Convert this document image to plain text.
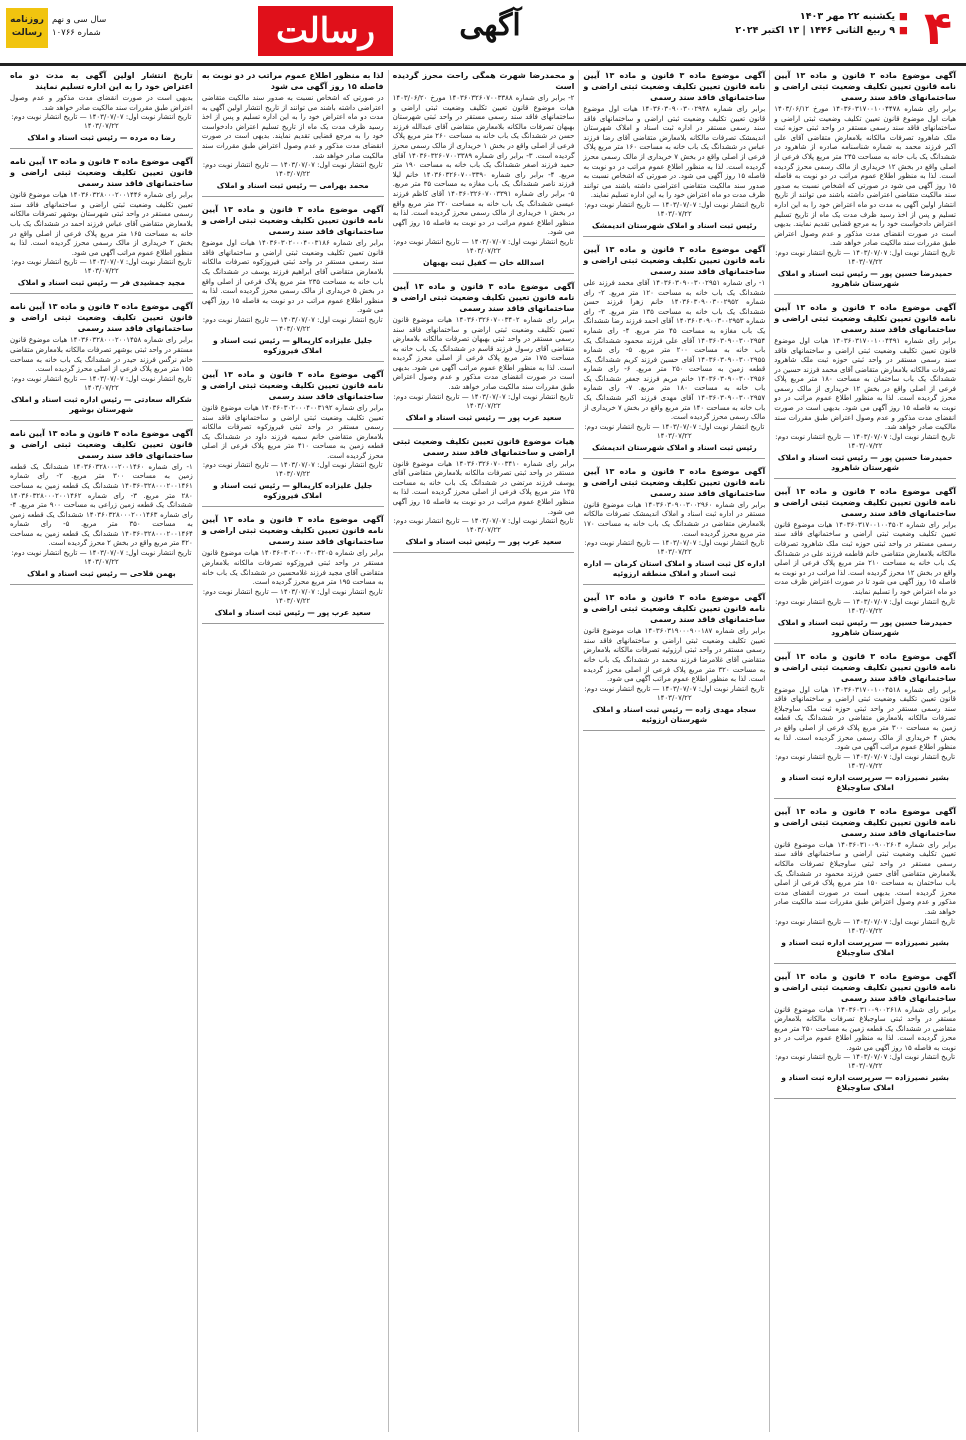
۴
■یکشنبه ۲۲ مهر ۱۴۰۳
■۹ ربیع الثانی ۱۴۴۶ | ۱۳ اکتبر ۲۰۲۴
آگهی
رسالت
سال سی و نهم
شماره ۱۰۷۶۶
روزنامه رسالت

آگهی موضوع ماده ۳ قانون و ماده ۱۳ آیین نامه قانون تعیین تکلیف وضعیت ثبتی اراضی و ساختمانهای فاقد سند رسمی

برابر رای شماره ۱۴۰۳۶۰۳۱۷۰۰۱۰۰۴۴۷۸ مورخ ۱۴۰۳/۰۶/۱۲ هیات اول موضوع قانون تعیین تکلیف وضعیت ثبتی اراضی و ساختمانهای فاقد سند رسمی مستقر در واحد ثبتی حوزه ثبت ملک شاهرود تصرفات مالکانه بلامعارض متقاضی آقای علی اکبر فرزند محمد به شماره شناسنامه صادره از شاهرود در ششدانگ یک باب خانه به مساحت ۲۴۵ متر مربع پلاک فرعی از اصلی واقع در بخش ۱۲ خریداری از مالک رسمی محرز گردیده است. لذا به منظور اطلاع عموم مراتب در دو نوبت به فاصله ۱۵ روز آگهی می شود در صورتی که اشخاص نسبت به صدور سند مالکیت متقاضی اعتراضی داشته باشند می توانند از تاریخ انتشار اولین آگهی به مدت دو ماه اعتراض خود را به این اداره تسلیم و پس از اخذ رسید ظرف مدت یک ماه از تاریخ تسلیم اعتراض دادخواست خود را به مرجع قضایی تقدیم نمایند. بدیهی است در صورت انقضای مدت مذکور و عدم وصول اعتراض طبق مقررات سند مالکیت صادر خواهد شد.

تاریخ انتشار نوبت اول: ۱۴۰۳/۰۷/۰۷ — تاریخ انتشار نوبت دوم: ۱۴۰۳/۰۷/۲۲
حمیدرضا حسین پور — رئیس ثبت اسناد و املاک شهرستان شاهرود

آگهی موضوع ماده ۳ قانون و ماده ۱۳ آیین نامه قانون تعیین تکلیف وضعیت ثبتی اراضی و ساختمانهای فاقد سند رسمی

برابر رای شماره ۱۴۰۳۶۰۳۱۷۰۰۱۰۰۴۴۹۱ هیات اول موضوع قانون تعیین تکلیف وضعیت ثبتی اراضی و ساختمانهای فاقد سند رسمی مستقر در واحد ثبتی حوزه ثبت ملک شاهرود تصرفات مالکانه بلامعارض متقاضی آقای محمد فرزند حسین در ششدانگ یک باب ساختمان به مساحت ۱۸۰ متر مربع پلاک فرعی از اصلی واقع در بخش ۱۲ خریداری از مالک رسمی محرز گردیده است. لذا به منظور اطلاع عموم مراتب در دو نوبت به فاصله ۱۵ روز آگهی می شود. بدیهی است در صورت انقضای مدت مذکور و عدم وصول اعتراض طبق مقررات سند مالکیت صادر خواهد شد.

تاریخ انتشار نوبت اول: ۱۴۰۳/۰۷/۰۷ — تاریخ انتشار نوبت دوم: ۱۴۰۳/۰۷/۲۲
حمیدرضا حسین پور — رئیس ثبت اسناد و املاک شهرستان شاهرود

آگهی موضوع ماده ۳ قانون و ماده ۱۳ آیین نامه قانون تعیین تکلیف وضعیت ثبتی اراضی و ساختمانهای فاقد سند رسمی

برابر رای شماره ۱۴۰۳۶۰۳۱۷۰۰۱۰۰۴۵۰۲ هیات موضوع قانون تعیین تکلیف وضعیت ثبتی اراضی و ساختمانهای فاقد سند رسمی مستقر در واحد ثبتی حوزه ثبت ملک شاهرود تصرفات مالکانه بلامعارض متقاضی خانم فاطمه فرزند علی در ششدانگ یک باب خانه به مساحت ۲۱۰ متر مربع پلاک فرعی از اصلی واقع در بخش ۱۲ محرز گردیده است. لذا مراتب در دو نوبت به فاصله ۱۵ روز آگهی می شود تا در صورت اعتراض ظرف مدت دو ماه اعتراض خود را تسلیم نمایند.

تاریخ انتشار نوبت اول: ۱۴۰۳/۰۷/۰۷ — تاریخ انتشار نوبت دوم: ۱۴۰۳/۰۷/۲۲
حمیدرضا حسین پور — رئیس ثبت اسناد و املاک شهرستان شاهرود

آگهی موضوع ماده ۳ قانون و ماده ۱۳ آیین نامه قانون تعیین تکلیف وضعیت ثبتی اراضی و ساختمانهای فاقد سند رسمی

برابر رای شماره ۱۴۰۳۶۰۳۱۷۰۰۱۰۰۴۵۱۸ هیات اول موضوع قانون تعیین تکلیف وضعیت ثبتی اراضی و ساختمانهای فاقد سند رسمی مستقر در واحد ثبتی حوزه ثبت ملک ساوجبلاغ تصرفات مالکانه بلامعارض متقاضی در ششدانگ یک قطعه زمین به مساحت ۳۰۰ متر مربع پلاک فرعی از اصلی واقع در بخش ۴ خریداری از مالک رسمی محرز گردیده است. لذا به منظور اطلاع عموم مراتب آگهی می شود.

تاریخ انتشار نوبت اول: ۱۴۰۳/۰۷/۰۷ — تاریخ انتشار نوبت دوم: ۱۴۰۳/۰۷/۲۲
بشیر نصیرزاده — سرپرست اداره ثبت اسناد و املاک ساوجبلاغ

آگهی موضوع ماده ۳ قانون و ماده ۱۳ آیین نامه قانون تعیین تکلیف وضعیت ثبتی اراضی و ساختمانهای فاقد سند رسمی

برابر رای شماره ۱۴۰۳۶۰۳۱۰۰۹۰۰۲۶۰۴ هیات موضوع قانون تعیین تکلیف وضعیت ثبتی اراضی و ساختمانهای فاقد سند رسمی مستقر در واحد ثبتی ساوجبلاغ تصرفات مالکانه بلامعارض متقاضی آقای حسن فرزند محمود در ششدانگ یک باب ساختمان به مساحت ۱۵۰ متر مربع پلاک فرعی از اصلی محرز گردیده است. بدیهی است در صورت انقضای مدت مذکور و عدم وصول اعتراض طبق مقررات سند مالکیت صادر خواهد شد.

تاریخ انتشار نوبت اول: ۱۴۰۳/۰۷/۰۷ — تاریخ انتشار نوبت دوم: ۱۴۰۳/۰۷/۲۲
بشیر نصیرزاده — سرپرست اداره ثبت اسناد و املاک ساوجبلاغ

آگهی موضوع ماده ۳ قانون و ماده ۱۳ آیین نامه قانون تعیین تکلیف وضعیت ثبتی اراضی و ساختمانهای فاقد سند رسمی

برابر رای شماره ۱۴۰۳۶۰۳۱۰۰۹۰۰۲۶۱۸ هیات موضوع قانون مستقر در واحد ثبتی ساوجبلاغ تصرفات مالکانه بلامعارض متقاضی در ششدانگ یک قطعه زمین به مساحت ۲۵۰ متر مربع محرز گردیده است. لذا به منظور اطلاع عموم مراتب در دو نوبت به فاصله ۱۵ روز آگهی می شود.

تاریخ انتشار نوبت اول: ۱۴۰۳/۰۷/۰۷ — تاریخ انتشار نوبت دوم: ۱۴۰۳/۰۷/۲۲
بشیر نصیرزاده — سرپرست اداره ثبت اسناد و املاک ساوجبلاغ

آگهی موضوع ماده ۳ قانون و ماده ۱۳ آیین نامه قانون تعیین تکلیف وضعیت ثبتی اراضی و ساختمانهای فاقد سند رسمی

برابر رای شماره ۱۴۰۳۶۰۳۰۹۰۰۳۰۰۲۹۴۸ هیات اول موضوع قانون تعیین تکلیف وضعیت ثبتی اراضی و ساختمانهای فاقد سند رسمی مستقر در اداره ثبت اسناد و املاک شهرستان اندیمشک تصرفات مالکانه بلامعارض متقاضی آقای رضا فرزند عباس در ششدانگ یک باب خانه به مساحت ۱۶۰ متر مربع پلاک فرعی از اصلی واقع در بخش ۷ خریداری از مالک رسمی محرز گردیده است. لذا به منظور اطلاع عموم مراتب در دو نوبت به فاصله ۱۵ روز آگهی می شود. در صورتی که اشخاص نسبت به صدور سند مالکیت متقاضی اعتراضی داشته باشند می توانند ظرف مدت دو ماه اعتراض خود را به این اداره تسلیم نمایند.

تاریخ انتشار نوبت اول: ۱۴۰۳/۰۷/۰۷ — تاریخ انتشار نوبت دوم: ۱۴۰۳/۰۷/۲۲
رئیس ثبت اسناد و املاک شهرستان اندیمشک

آگهی موضوع ماده ۳ قانون و ماده ۱۳ آیین نامه قانون تعیین تکلیف وضعیت ثبتی اراضی و ساختمانهای فاقد سند رسمی

۱- رای شماره ۱۴۰۳۶۰۳۰۹۰۰۳۰۰۲۹۵۱ آقای محمد فرزند علی ششدانگ یک باب خانه به مساحت ۱۲۰ متر مربع. ۲- رای شماره ۱۴۰۳۶۰۳۰۹۰۰۳۰۰۲۹۵۲ خانم زهرا فرزند حسن ششدانگ یک باب خانه به مساحت ۱۳۵ متر مربع. ۳- رای شماره ۱۴۰۳۶۰۳۰۹۰۰۳۰۰۲۹۵۳ آقای احمد فرزند رضا ششدانگ یک باب مغازه به مساحت ۴۵ متر مربع. ۴- رای شماره ۱۴۰۳۶۰۳۰۹۰۰۳۰۰۲۹۵۴ آقای علی فرزند محمود ششدانگ یک باب خانه به مساحت ۲۰۰ متر مربع. ۵- رای شماره ۱۴۰۳۶۰۳۰۹۰۰۳۰۰۲۹۵۵ آقای حسین فرزند کریم ششدانگ یک قطعه زمین به مساحت ۲۵۰ متر مربع. ۶- رای شماره ۱۴۰۳۶۰۳۰۹۰۰۳۰۰۲۹۵۶ خانم مریم فرزند جعفر ششدانگ یک باب خانه به مساحت ۱۸۰ متر مربع. ۷- رای شماره ۱۴۰۳۶۰۳۰۹۰۰۳۰۰۲۹۵۷ آقای مهدی فرزند اکبر ششدانگ یک باب خانه به مساحت ۱۴۰ متر مربع واقع در بخش ۷ خریداری از مالک رسمی محرز گردیده است.

تاریخ انتشار نوبت اول: ۱۴۰۳/۰۷/۰۷ — تاریخ انتشار نوبت دوم: ۱۴۰۳/۰۷/۲۲
رئیس ثبت اسناد و املاک شهرستان اندیمشک

آگهی موضوع ماده ۳ قانون و ماده ۱۳ آیین نامه قانون تعیین تکلیف وضعیت ثبتی اراضی و ساختمانهای فاقد سند رسمی

برابر رای شماره ۱۴۰۳۶۰۳۰۹۰۰۳۰۰۲۹۶۰ هیات موضوع قانون مستقر در اداره ثبت اسناد و املاک اندیمشک تصرفات مالکانه بلامعارض متقاضی در ششدانگ یک باب خانه به مساحت ۱۷۰ متر مربع محرز گردیده است.

تاریخ انتشار نوبت اول: ۱۴۰۳/۰۷/۰۷ — تاریخ انتشار نوبت دوم: ۱۴۰۳/۰۷/۲۲
اداره کل ثبت اسناد و املاک استان کرمان — اداره ثبت اسناد و املاک منطقه ارزوئیه

آگهی موضوع ماده ۳ قانون و ماده ۱۳ آیین نامه قانون تعیین تکلیف وضعیت ثبتی اراضی و ساختمانهای فاقد سند رسمی

برابر رای شماره ۱۴۰۳۶۰۳۱۹۰۰۰۹۰۰۱۸۷ هیات موضوع قانون تعیین تکلیف وضعیت ثبتی اراضی و ساختمانهای فاقد سند رسمی مستقر در واحد ثبتی ارزوئیه تصرفات مالکانه بلامعارض متقاضی آقای غلامرضا فرزند محمد در ششدانگ یک باب خانه به مساحت ۳۲۰ متر مربع پلاک فرعی از اصلی محرز گردیده است. لذا به منظور اطلاع عموم مراتب آگهی می شود.

تاریخ انتشار نوبت اول: ۱۴۰۳/۰۷/۰۷ — تاریخ انتشار نوبت دوم: ۱۴۰۳/۰۷/۲۲
سجاد مهدی زاده — رئیس ثبت اسناد و املاک شهرستان ارزوئیه

و محمدرضا شهرت همگی راحت محرز گردیده است

۲- برابر رای شماره ۱۴۰۳۶۰۳۲۶۰۷۰۰۳۳۸۸ مورخ ۱۴۰۳/۰۶/۲۰ هیات موضوع قانون تعیین تکلیف وضعیت ثبتی اراضی و ساختمانهای فاقد سند رسمی مستقر در واحد ثبتی شهرستان بهبهان تصرفات مالکانه بلامعارض متقاضی آقای عبدالله فرزند حسن در ششدانگ یک باب خانه به مساحت ۲۶۰ متر مربع پلاک فرعی از اصلی واقع در بخش ۱ خریداری از مالک رسمی محرز گردیده است. ۳- برابر رای شماره ۱۴۰۳۶۰۳۲۶۰۷۰۰۳۳۸۹ آقای حمید فرزند اصغر ششدانگ یک باب خانه به مساحت ۱۹۰ متر مربع. ۴- برابر رای شماره ۱۴۰۳۶۰۳۲۶۰۷۰۰۳۳۹۰ خانم لیلا فرزند ناصر ششدانگ یک باب مغازه به مساحت ۳۵ متر مربع. ۵- برابر رای شماره ۱۴۰۳۶۰۳۲۶۰۷۰۰۳۳۹۱ آقای کاظم فرزند عیسی ششدانگ یک باب خانه به مساحت ۲۲۰ متر مربع واقع در بخش ۱ خریداری از مالک رسمی محرز گردیده است. لذا به منظور اطلاع عموم مراتب در دو نوبت به فاصله ۱۵ روز آگهی می شود.

تاریخ انتشار نوبت اول: ۱۴۰۳/۰۷/۰۷ — تاریخ انتشار نوبت دوم: ۱۴۰۳/۰۷/۲۲
اسدالله خان — کفیل ثبت بهبهان

آگهی موضوع ماده ۳ قانون و ماده ۱۳ آیین نامه قانون تعیین تکلیف وضعیت ثبتی اراضی و ساختمانهای فاقد سند رسمی

برابر رای شماره ۱۴۰۳۶۰۳۲۶۰۷۰۰۳۴۰۲ هیات موضوع قانون تعیین تکلیف وضعیت ثبتی اراضی و ساختمانهای فاقد سند رسمی مستقر در واحد ثبتی بهبهان تصرفات مالکانه بلامعارض متقاضی آقای رسول فرزند قاسم در ششدانگ یک باب خانه به مساحت ۱۷۵ متر مربع پلاک فرعی از اصلی محرز گردیده است. لذا به منظور اطلاع عموم مراتب آگهی می شود. بدیهی است در صورت انقضای مدت مذکور و عدم وصول اعتراض طبق مقررات سند مالکیت صادر خواهد شد.

تاریخ انتشار نوبت اول: ۱۴۰۳/۰۷/۰۷ — تاریخ انتشار نوبت دوم: ۱۴۰۳/۰۷/۲۲
سعید عرب پور — رئیس ثبت اسناد و املاک

هیات موضوع قانون تعیین تکلیف وضعیت ثبتی اراضی و ساختمانهای فاقد سند رسمی

برابر رای شماره ۱۴۰۳۶۰۳۲۶۰۷۰۰۳۴۱۰ هیات موضوع قانون مستقر در واحد ثبتی تصرفات مالکانه بلامعارض متقاضی آقای یوسف فرزند مرتضی در ششدانگ یک باب خانه به مساحت ۱۴۵ متر مربع پلاک فرعی از اصلی محرز گردیده است. لذا به منظور اطلاع عموم مراتب در دو نوبت به فاصله ۱۵ روز آگهی می شود.

تاریخ انتشار نوبت اول: ۱۴۰۳/۰۷/۰۷ — تاریخ انتشار نوبت دوم: ۱۴۰۳/۰۷/۲۲
سعید عرب پور — رئیس ثبت اسناد و املاک

لذا به منظور اطلاع عموم مراتب در دو نوبت به فاصله ۱۵ روز آگهی می شود

در صورتی که اشخاص نسبت به صدور سند مالکیت متقاضی اعتراضی داشته باشند می توانند از تاریخ انتشار اولین آگهی به مدت دو ماه اعتراض خود را به این اداره تسلیم و پس از اخذ رسید ظرف مدت یک ماه از تاریخ تسلیم اعتراض دادخواست خود را به مرجع قضایی تقدیم نمایند. بدیهی است در صورت انقضای مدت مذکور و عدم وصول اعتراض طبق مقررات سند مالکیت صادر خواهد شد.

تاریخ انتشار نوبت اول: ۱۴۰۳/۰۷/۰۷ — تاریخ انتشار نوبت دوم: ۱۴۰۳/۰۷/۲۲
محمد بهرامی — رئیس ثبت اسناد و املاک

آگهی موضوع ماده ۳ قانون و ماده ۱۳ آیین نامه قانون تعیین تکلیف وضعیت ثبتی اراضی و ساختمانهای فاقد سند رسمی

برابر رای شماره ۱۴۰۳۶۰۳۰۲۰۰۰۴۰۰۳۱۸۶ هیات اول موضوع قانون تعیین تکلیف وضعیت ثبتی اراضی و ساختمانهای فاقد سند رسمی مستقر در واحد ثبتی فیروزکوه تصرفات مالکانه بلامعارض متقاضی آقای ابراهیم فرزند یوسف در ششدانگ یک باب خانه به مساحت ۲۳۵ متر مربع پلاک فرعی از اصلی واقع در بخش ۵ خریداری از مالک رسمی محرز گردیده است. لذا به منظور اطلاع عموم مراتب در دو نوبت به فاصله ۱۵ روز آگهی می شود.

تاریخ انتشار نوبت اول: ۱۴۰۳/۰۷/۰۷ — تاریخ انتشار نوبت دوم: ۱۴۰۳/۰۷/۲۲
جلیل علیزاده کاریمالو — رئیس ثبت اسناد و املاک فیروزکوه

آگهی موضوع ماده ۳ قانون و ماده ۱۳ آیین نامه قانون تعیین تکلیف وضعیت ثبتی اراضی و ساختمانهای فاقد سند رسمی

برابر رای شماره ۱۴۰۳۶۰۳۰۲۰۰۰۴۰۰۳۱۹۲ هیات موضوع قانون تعیین تکلیف وضعیت ثبتی اراضی و ساختمانهای فاقد سند رسمی مستقر در واحد ثبتی فیروزکوه تصرفات مالکانه بلامعارض متقاضی خانم سمیه فرزند داود در ششدانگ یک قطعه زمین به مساحت ۴۱۰ متر مربع پلاک فرعی از اصلی محرز گردیده است.

تاریخ انتشار نوبت اول: ۱۴۰۳/۰۷/۰۷ — تاریخ انتشار نوبت دوم: ۱۴۰۳/۰۷/۲۲
جلیل علیزاده کاریمالو — رئیس ثبت اسناد و املاک فیروزکوه

آگهی موضوع ماده ۳ قانون و ماده ۱۳ آیین نامه قانون تعیین تکلیف وضعیت ثبتی اراضی و ساختمانهای فاقد سند رسمی

برابر رای شماره ۱۴۰۳۶۰۳۰۲۰۰۰۴۰۰۳۲۰۵ هیات موضوع قانون مستقر در واحد ثبتی فیروزکوه تصرفات مالکانه بلامعارض متقاضی آقای مجید فرزند غلامحسین در ششدانگ یک باب خانه به مساحت ۱۹۵ متر مربع محرز گردیده است.

تاریخ انتشار نوبت اول: ۱۴۰۳/۰۷/۰۷ — تاریخ انتشار نوبت دوم: ۱۴۰۳/۰۷/۲۲
سعید عرب پور — رئیس ثبت اسناد و املاک

تاریخ انتشار اولین آگهی به مدت دو ماه اعتراض خود را به این اداره تسلیم نمایند

بدیهی است در صورت انقضای مدت مذکور و عدم وصول اعتراض طبق مقررات سند مالکیت صادر خواهد شد.

تاریخ انتشار نوبت اول: ۱۴۰۳/۰۷/۰۷ — تاریخ انتشار نوبت دوم: ۱۴۰۳/۰۷/۲۲
رضا ده مرده — رئیس ثبت اسناد و املاک

آگهی موضوع ماده ۳ قانون و ماده ۱۳ آیین نامه قانون تعیین تکلیف وضعیت ثبتی اراضی و ساختمانهای فاقد سند رسمی

برابر رای شماره ۱۴۰۳۶۰۳۲۸۰۰۰۲۰۰۱۴۴۶ هیات موضوع قانون تعیین تکلیف وضعیت ثبتی اراضی و ساختمانهای فاقد سند رسمی مستقر در واحد ثبتی شهرستان بوشهر تصرفات مالکانه بلامعارض متقاضی آقای عباس فرزند احمد در ششدانگ یک باب خانه به مساحت ۱۶۵ متر مربع پلاک فرعی از اصلی واقع در بخش ۲ خریداری از مالک رسمی محرز گردیده است. لذا به منظور اطلاع عموم مراتب آگهی می شود.

تاریخ انتشار نوبت اول: ۱۴۰۳/۰۷/۰۷ — تاریخ انتشار نوبت دوم: ۱۴۰۳/۰۷/۲۲
مجید جمشیدی فر — رئیس ثبت اسناد و املاک

آگهی موضوع ماده ۳ قانون و ماده ۱۳ آیین نامه قانون تعیین تکلیف وضعیت ثبتی اراضی و ساختمانهای فاقد سند رسمی

برابر رای شماره ۱۴۰۳۶۰۳۲۸۰۰۰۲۰۰۱۴۵۸ هیات موضوع قانون مستقر در واحد ثبتی بوشهر تصرفات مالکانه بلامعارض متقاضی خانم نرگس فرزند حیدر در ششدانگ یک باب خانه به مساحت ۱۵۵ متر مربع پلاک فرعی از اصلی محرز گردیده است.

تاریخ انتشار نوبت اول: ۱۴۰۳/۰۷/۰۷ — تاریخ انتشار نوبت دوم: ۱۴۰۳/۰۷/۲۲
شکراله سعادتی — رئیس اداره ثبت اسناد و املاک شهرستان بوشهر

آگهی موضوع ماده ۳ قانون و ماده ۱۳ آیین نامه قانون تعیین تکلیف وضعیت ثبتی اراضی و ساختمانهای فاقد سند رسمی

۱- رای شماره ۱۴۰۳۶۰۳۲۸۰۰۰۲۰۰۱۴۶۰ ششدانگ یک قطعه زمین به مساحت ۳۰۰ متر مربع. ۲- رای شماره ۱۴۰۳۶۰۳۲۸۰۰۰۲۰۰۱۴۶۱ ششدانگ یک قطعه زمین به مساحت ۲۸۰ متر مربع. ۳- رای شماره ۱۴۰۳۶۰۳۲۸۰۰۰۲۰۰۱۴۶۲ ششدانگ یک قطعه زمین زراعی به مساحت ۹۰۰ متر مربع. ۴- رای شماره ۱۴۰۳۶۰۳۲۸۰۰۰۲۰۰۱۴۶۳ ششدانگ یک قطعه زمین به مساحت ۳۵۰ متر مربع. ۵- رای شماره ۱۴۰۳۶۰۳۲۸۰۰۰۲۰۰۱۴۶۴ ششدانگ یک قطعه زمین به مساحت ۴۲۰ متر مربع واقع در بخش ۲ محرز گردیده است.

تاریخ انتشار نوبت اول: ۱۴۰۳/۰۷/۰۷ — تاریخ انتشار نوبت دوم: ۱۴۰۳/۰۷/۲۲
بهمن فلاحی — رئیس ثبت اسناد و املاک
